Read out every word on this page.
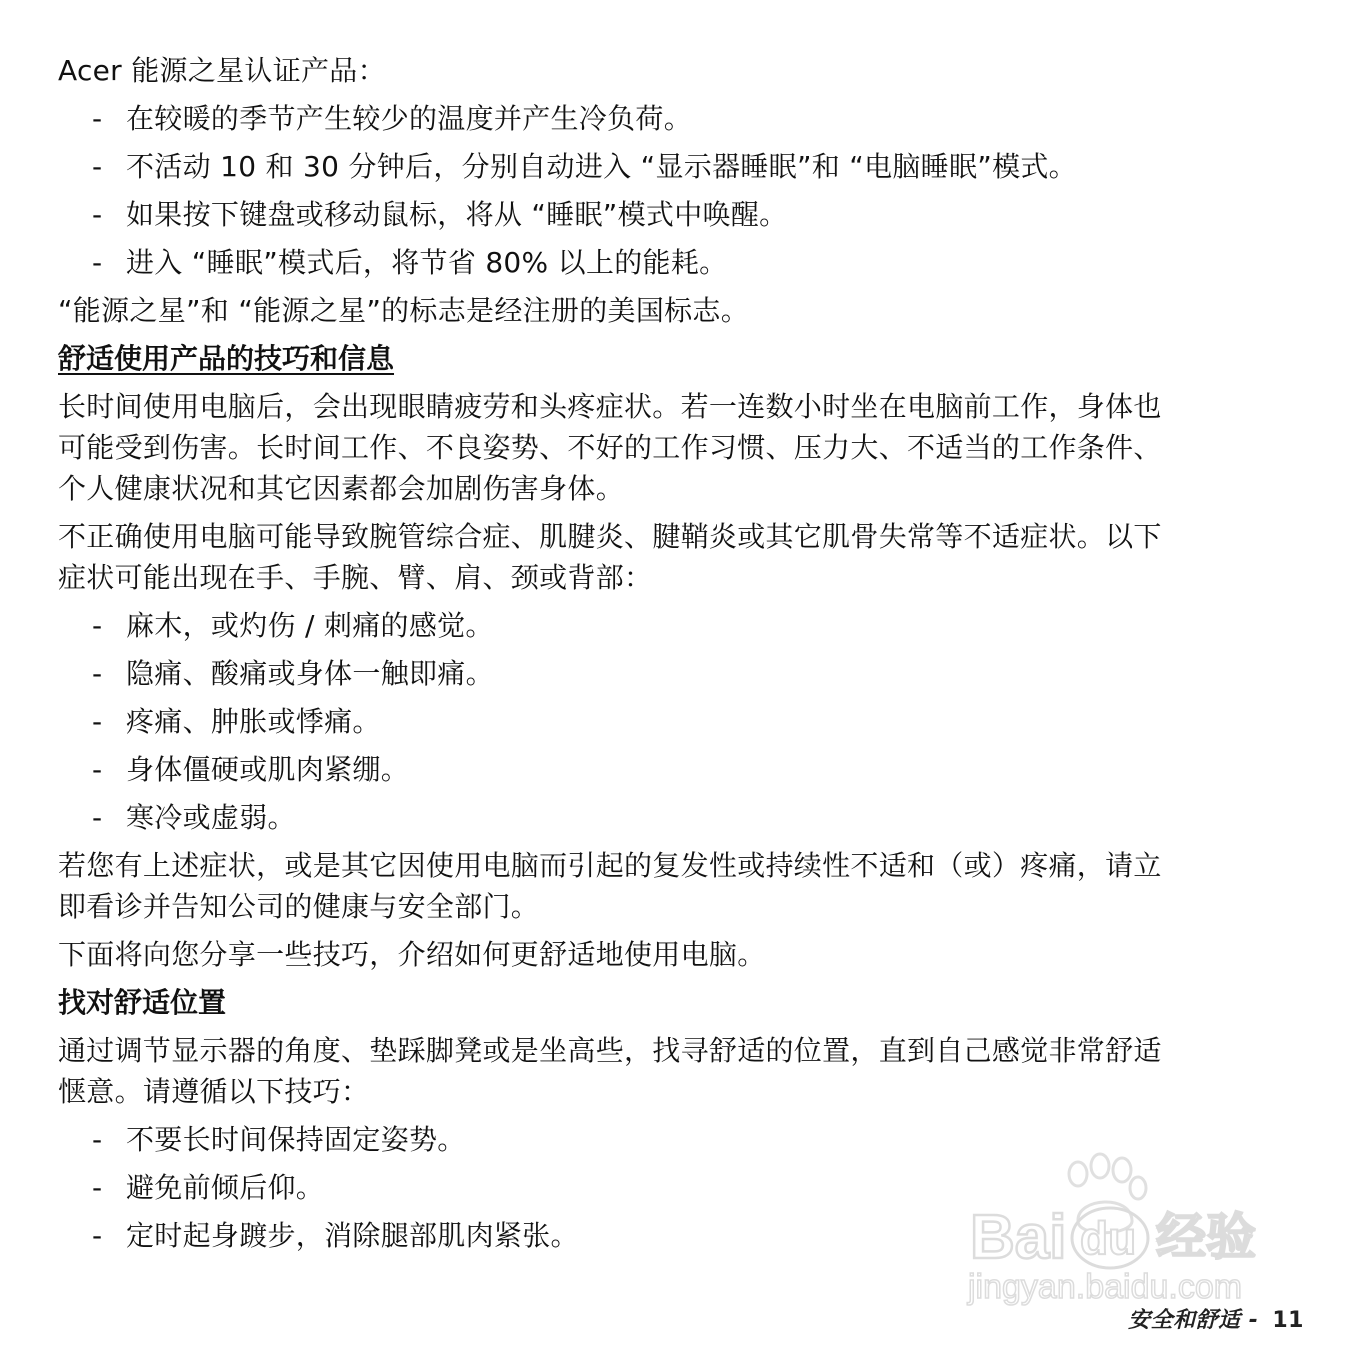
Acer 能源之星认证产品：

- 在较暖的季节产生较少的温度并产生冷负荷。
- 不活动 10 和 30 分钟后，分别自动进入 “显示器睡眠”和 “电脑睡眠”模式。
- 如果按下键盘或移动鼠标，将从 “睡眠”模式中唤醒。
- 进入 “睡眠”模式后，将节省 80% 以上的能耗。

“能源之星”和 “能源之星”的标志是经注册的美国标志。

舒适使用产品的技巧和信息

长时间使用电脑后，会出现眼睛疲劳和头疼症状。若一连数小时坐在电脑前工作，身体也

可能受到伤害。长时间工作、不良姿势、不好的工作习惯、压力大、不适当的工作条件、

个人健康状况和其它因素都会加剧伤害身体。

不正确使用电脑可能导致腕管综合症、肌腱炎、腱鞘炎或其它肌骨失常等不适症状。以下

症状可能出现在手、手腕、臂、肩、颈或背部：

- 麻木，或灼伤 / 刺痛的感觉。
- 隐痛、酸痛或身体一触即痛。
- 疼痛、肿胀或悸痛。
- 身体僵硬或肌肉紧绷。
- 寒冷或虚弱。

若您有上述症状，或是其它因使用电脑而引起的复发性或持续性不适和（或）疼痛，请立

即看诊并告知公司的健康与安全部门。

下面将向您分享一些技巧，介绍如何更舒适地使用电脑。

找对舒适位置

通过调节显示器的角度、垫踩脚凳或是坐高些，找寻舒适的位置，直到自己感觉非常舒适

惬意。请遵循以下技巧：

- 不要长时间保持固定姿势。
- 避免前倾后仰。
- 定时起身踱步，消除腿部肌肉紧张。	Bai du 经验
jingyan.baidu.com
安全和舒适 - 11
